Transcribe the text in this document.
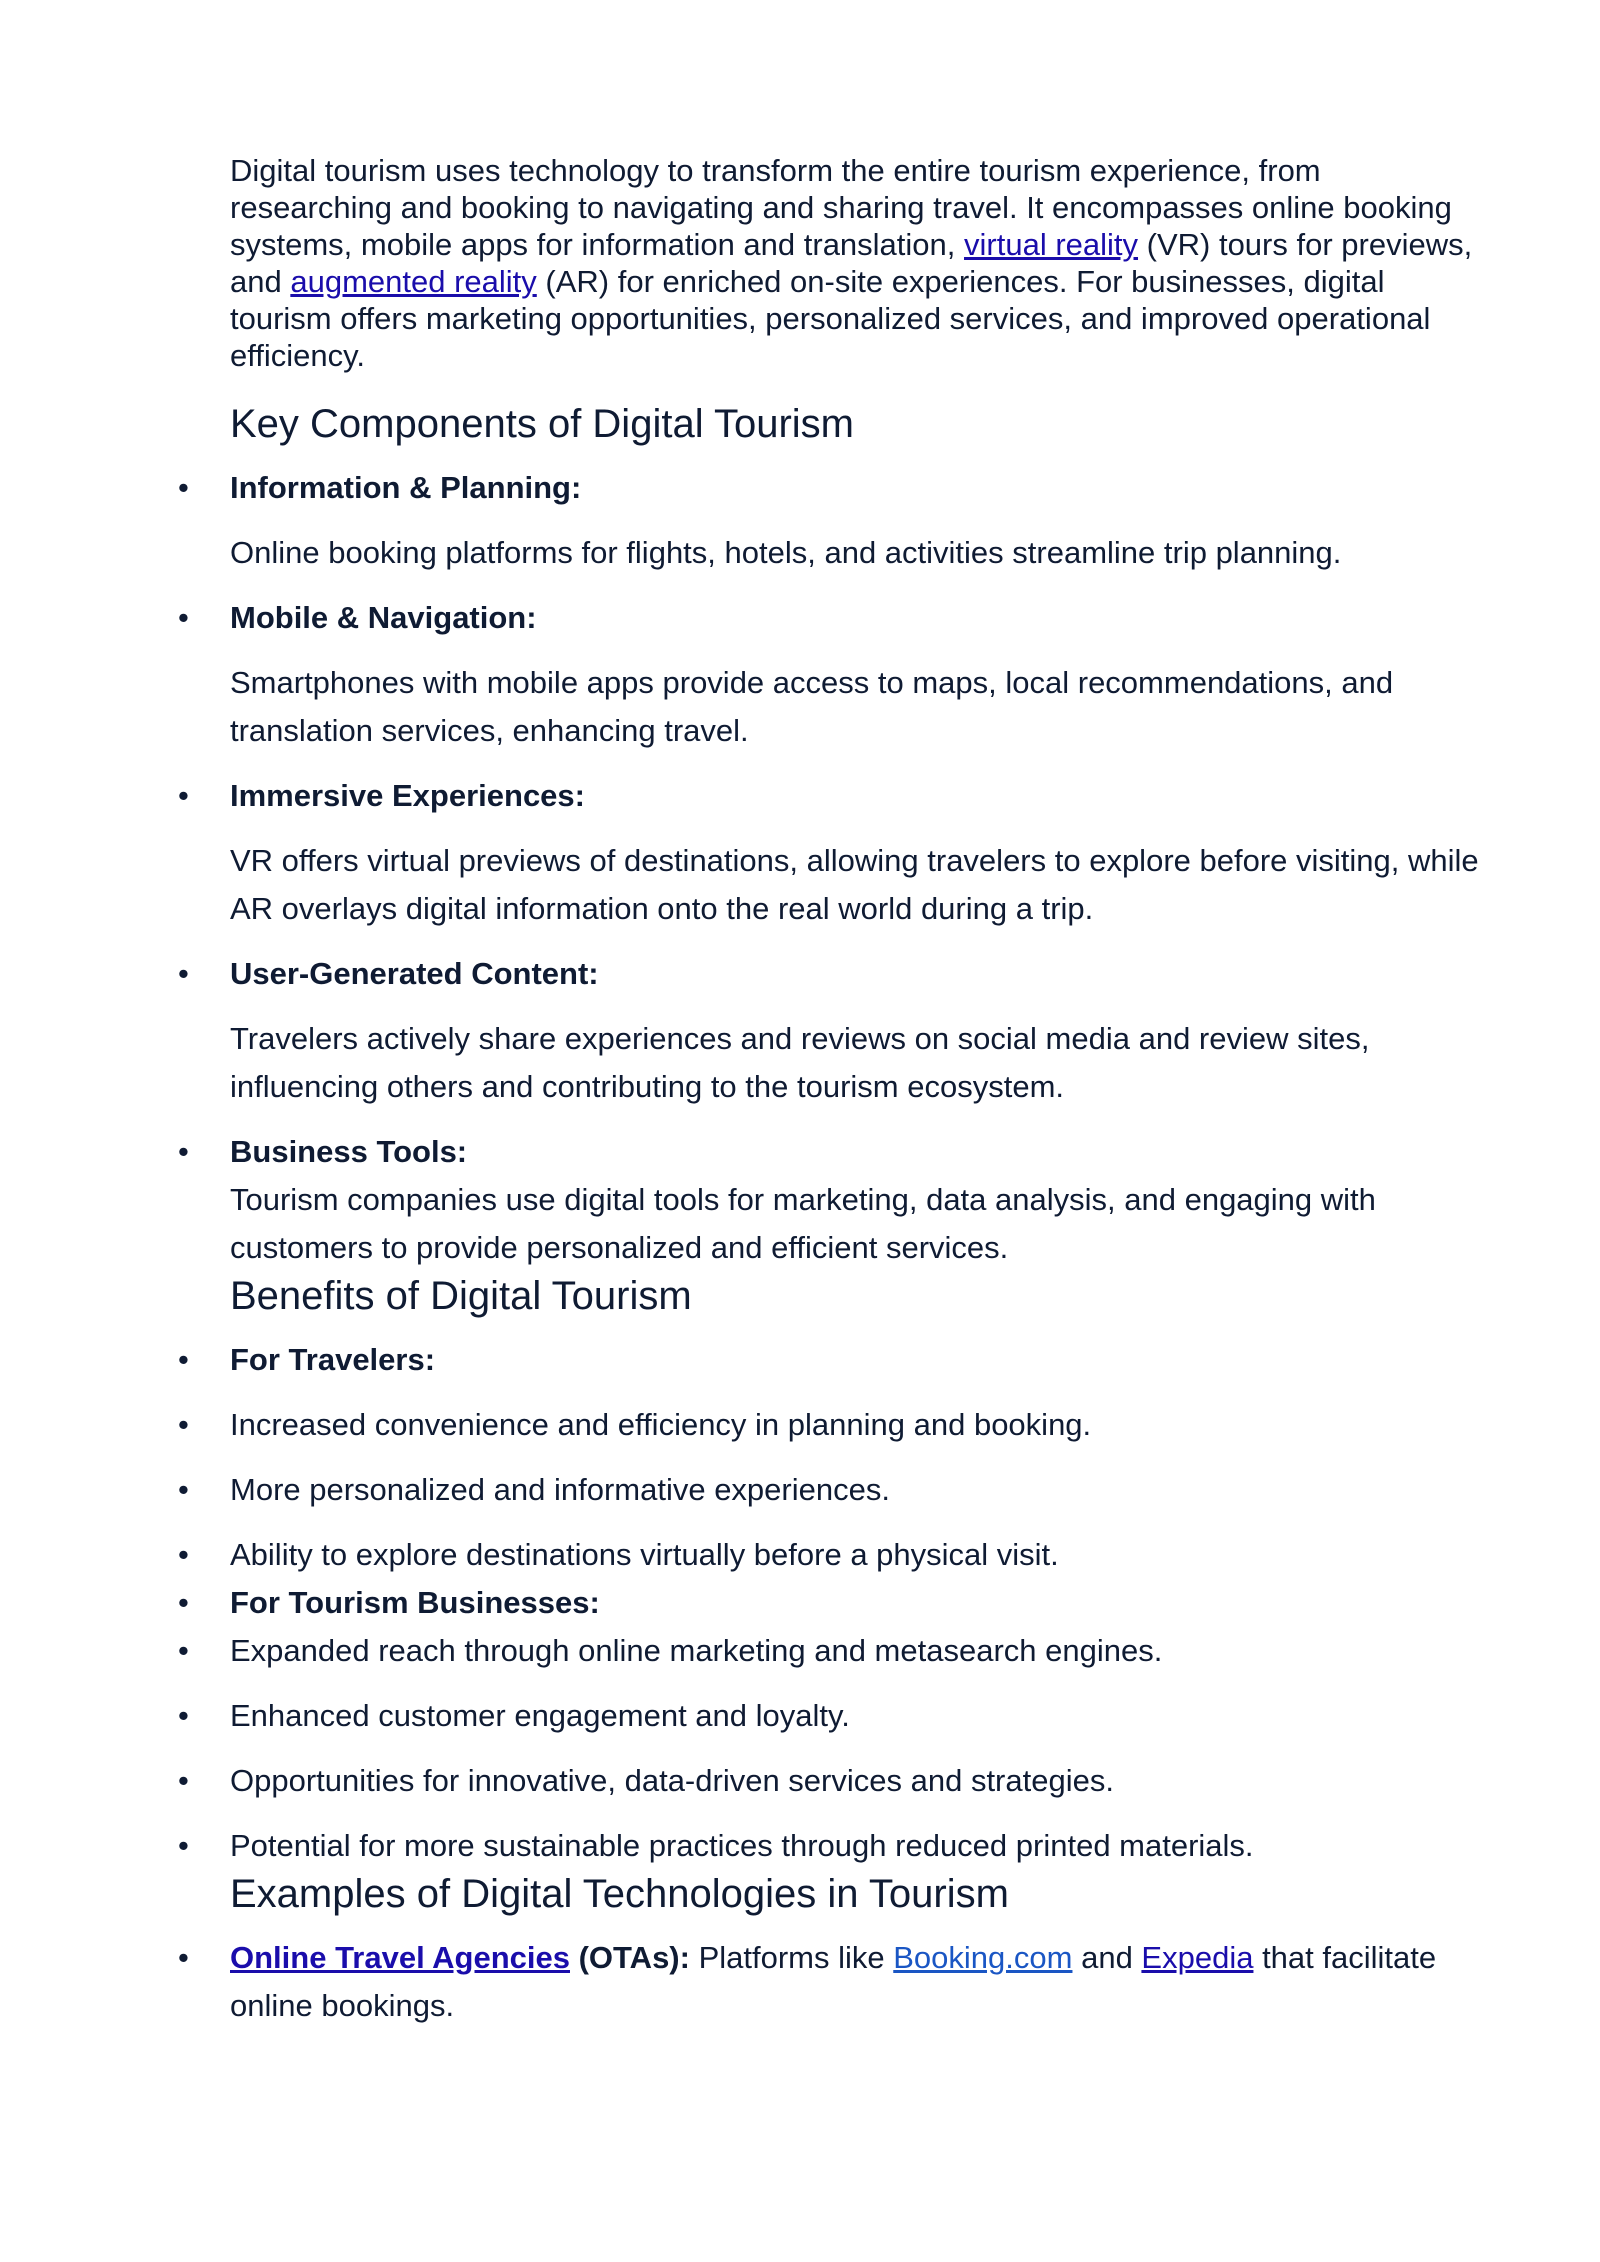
Digital tourism uses technology to transform the entire tourism experience, from researching and booking to navigating and sharing travel. It encompasses online booking systems, mobile apps for information and translation, virtual reality (VR) tours for previews, and augmented reality (AR) for enriched on-site experiences. For businesses, digital tourism offers marketing opportunities, personalized services, and improved operational efficiency.

Key Components of Digital Tourism
• Information & Planning:
Online booking platforms for flights, hotels, and activities streamline trip planning.
• Mobile & Navigation:
Smartphones with mobile apps provide access to maps, local recommendations, and translation services, enhancing travel.
• Immersive Experiences:
VR offers virtual previews of destinations, allowing travelers to explore before visiting, while AR overlays digital information onto the real world during a trip.
• User-Generated Content:
Travelers actively share experiences and reviews on social media and review sites, influencing others and contributing to the tourism ecosystem.
• Business Tools:
Tourism companies use digital tools for marketing, data analysis, and engaging with customers to provide personalized and efficient services.
Benefits of Digital Tourism
• For Travelers:
• Increased convenience and efficiency in planning and booking.
• More personalized and informative experiences.
• Ability to explore destinations virtually before a physical visit.
• For Tourism Businesses:
• Expanded reach through online marketing and metasearch engines.
• Enhanced customer engagement and loyalty.
• Opportunities for innovative, data-driven services and strategies.
• Potential for more sustainable practices through reduced printed materials.
Examples of Digital Technologies in Tourism
• Online Travel Agencies (OTAs): Platforms like Booking.com and Expedia that facilitate online bookings.
